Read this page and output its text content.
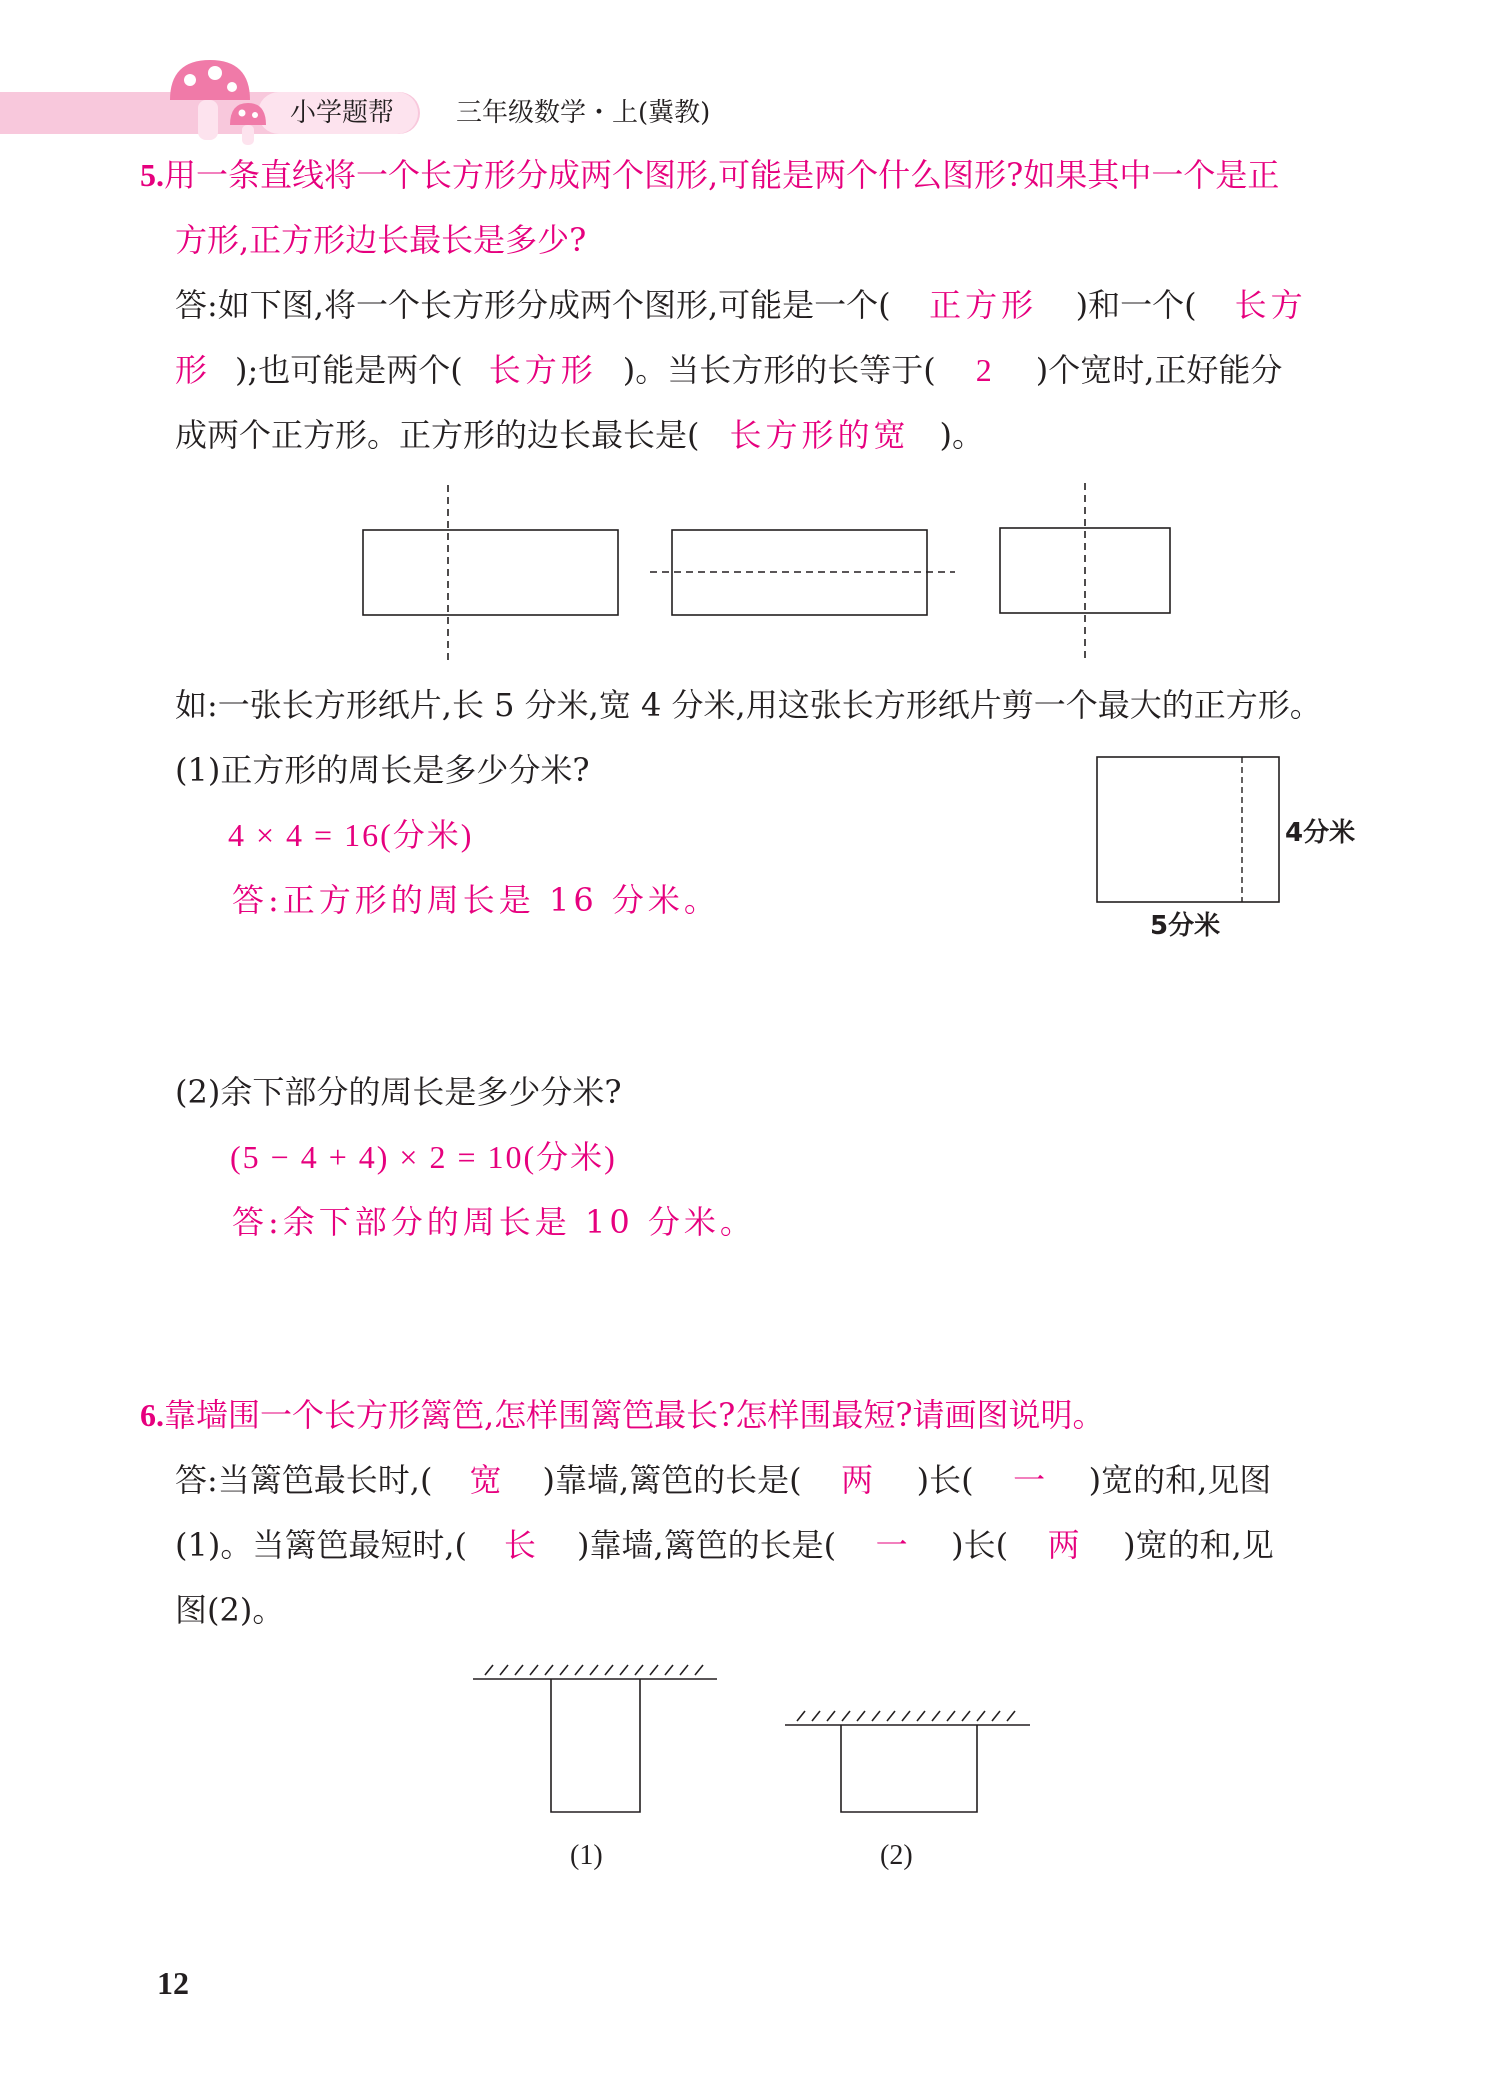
小学题帮 三年级数学・上(冀教)
5.用一条直线将一个长方形分成两个图形,可能是两个什么图形?如果其中一个是正
方形,正方形边长最长是多少?
答:如下图,将一个长方形分成两个图形,可能是一个( 正方形 )和一个( 长方
形 );也可能是两个( 长方形 )。当长方形的长等于( 2 )个宽时,正好能分
成两个正方形。正方形的边长最长是( 长方形的宽 )。
如:一张长方形纸片,长 5 分米,宽 4 分米,用这张长方形纸片剪一个最大的正方形。
(1)正方形的周长是多少分米?
4 × 4 = 16(分米)
答:正方形的周长是 16 分米。
4分米
5分米
(2)余下部分的周长是多少分米?
(5 − 4 + 4) × 2 = 10(分米)
答:余下部分的周长是 10 分米。
6.靠墙围一个长方形篱笆,怎样围篱笆最长?怎样围最短?请画图说明。
答:当篱笆最长时,( 宽 )靠墙,篱笆的长是( 两 )长( 一 )宽的和,见图
(1)。当篱笆最短时,( 长 )靠墙,篱笆的长是( 一 )长( 两 )宽的和,见
图(2)。
(1)	(2)
12
